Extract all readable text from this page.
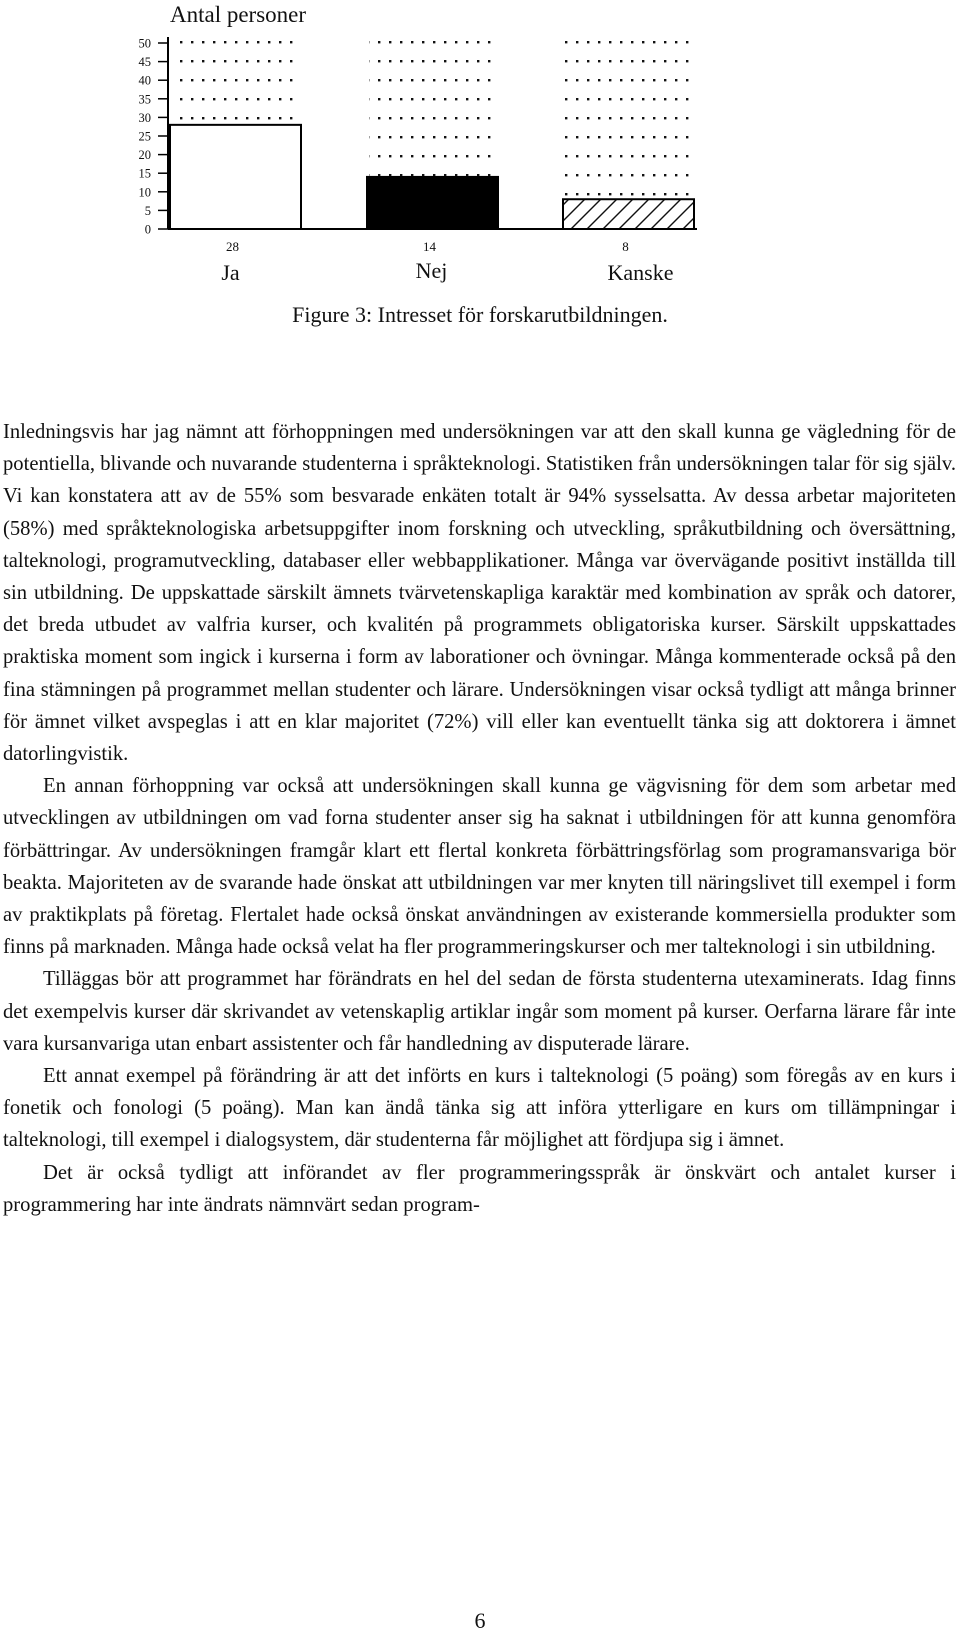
0
5
10
15
20
25
30
35
40
45
50
Antal personer
28	14	8
Ja	Nej	Kanske

Figure 3: Intresset för forskarutbildningen.

Inledningsvis har jag nämnt att förhoppningen med undersökningen var att den skall kunna ge vägledning för de potentiella, blivande och nuvarande studenterna i språkteknologi. Statistiken från undersökningen talar för sig själv. Vi kan konstatera att av de 55% som besvarade enkäten totalt är 94% sysselsatta. Av dessa arbetar majoriteten (58%) med språkteknologiska arbetsuppgifter inom forskning och utveckling, språkutbildning och översättning, talteknologi, programutveckling, databaser eller webbapplikationer. Många var övervägande positivt inställda till sin utbildning. De uppskattade särskilt ämnets tvärvetenskapliga karaktär med kombination av språk och datorer, det breda utbudet av valfria kurser, och kvalitén på programmets obligatoriska kurser. Särskilt uppskattades praktiska moment som ingick i kurserna i form av laborationer och övningar. Många kommenterade också på den fina stämningen på programmet mellan studenter och lärare. Undersökningen visar också tydligt att många brinner för ämnet vilket avspeglas i att en klar majoritet (72%) vill eller kan eventuellt tänka sig att doktorera i ämnet datorlingvistik.

En annan förhoppning var också att undersökningen skall kunna ge vägvisning för dem som arbetar med utvecklingen av utbildningen om vad forna studenter anser sig ha saknat i utbildningen för att kunna genomföra förbättringar. Av undersökningen framgår klart ett flertal konkreta förbättringsförlag som programansvariga bör beakta. Majoriteten av de svarande hade önskat att utbildningen var mer knyten till näringslivet till exempel i form av praktikplats på företag. Flertalet hade också önskat användningen av existerande kommersiella produkter som finns på marknaden. Många hade också velat ha fler programmeringskurser och mer talteknologi i sin utbildning.

Tilläggas bör att programmet har förändrats en hel del sedan de första studenterna utexaminerats. Idag finns det exempelvis kurser där skrivandet av vetenskaplig artiklar ingår som moment på kurser. Oerfarna lärare får inte vara kursanvariga utan enbart assistenter och får handledning av disputerade lärare.

Ett annat exempel på förändring är att det införts en kurs i talteknologi (5 poäng) som föregås av en kurs i fonetik och fonologi (5 poäng). Man kan ändå tänka sig att införa ytterligare en kurs om tillämpningar i talteknologi, till exempel i dialogsystem, där studenterna får möjlighet att fördjupa sig i ämnet.

Det är också tydligt att införandet av fler programmeringsspråk är önskvärt och antalet kurser i programmering har inte ändrats nämnvärt sedan program-

6
